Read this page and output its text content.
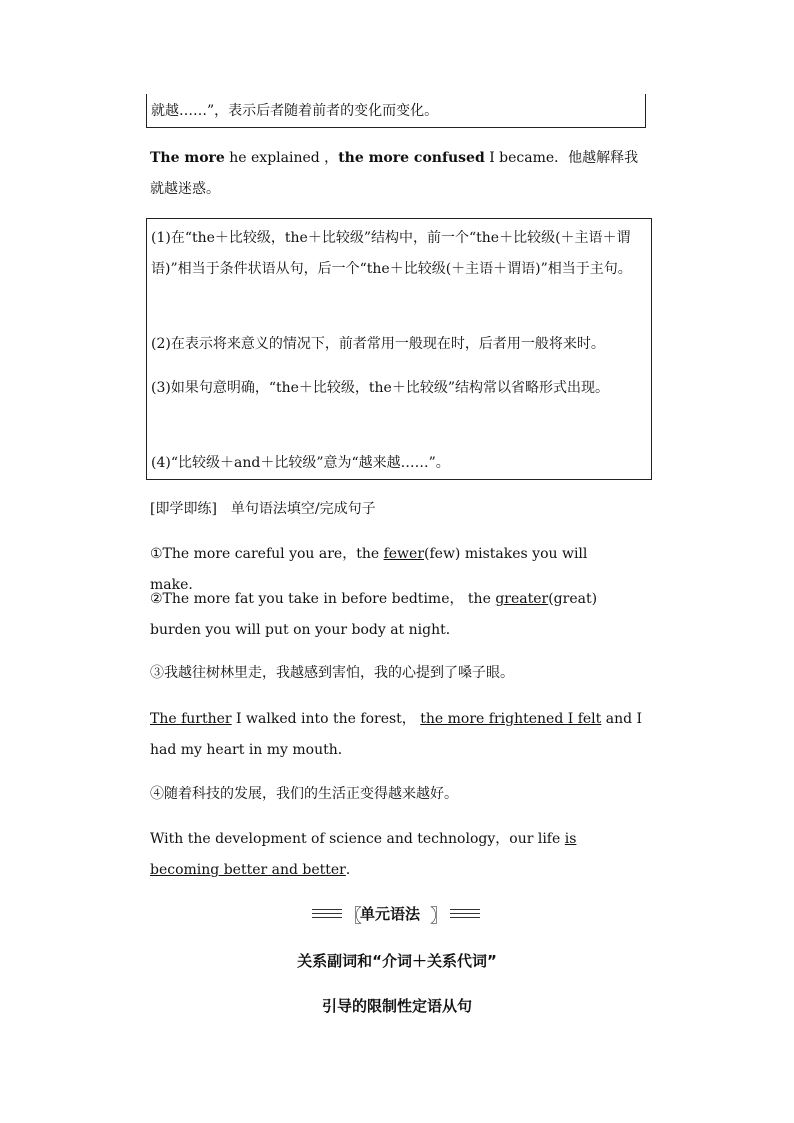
就越……”，表示后者随着前者的变化而变化。
The more he explained ，the more confused I became．他越解释我就越迷惑。
(1)在“the＋比较级，the＋比较级”结构中，前一个“the＋比较级(＋主语＋谓语)”相当于条件状语从句，后一个“the＋比较级(＋主语＋谓语)”相当于主句。
(2)在表示将来意义的情况下，前者常用一般现在时，后者用一般将来时。
(3)如果句意明确，“the＋比较级，the＋比较级”结构常以省略形式出现。
(4)“比较级＋and＋比较级”意为“越来越……”。
[即学即练]　单句语法填空/完成句子
①The more careful you are，the fewer(few) mistakes you will make．
②The more fat you take in before bedtime， the greater(great) burden you will put on your body at night．
③我越往树林里走，我越感到害怕，我的心提到了嗓子眼。
The further I walked into the forest， the more frightened I felt and I had my heart in my mouth．
④随着科技的发展，我们的生活正变得越来越好。
With the development of science and technology，our life is becoming better and better．
〖
单元语法 〗
关系副词和“介词＋关系代词”
引导的限制性定语从句
